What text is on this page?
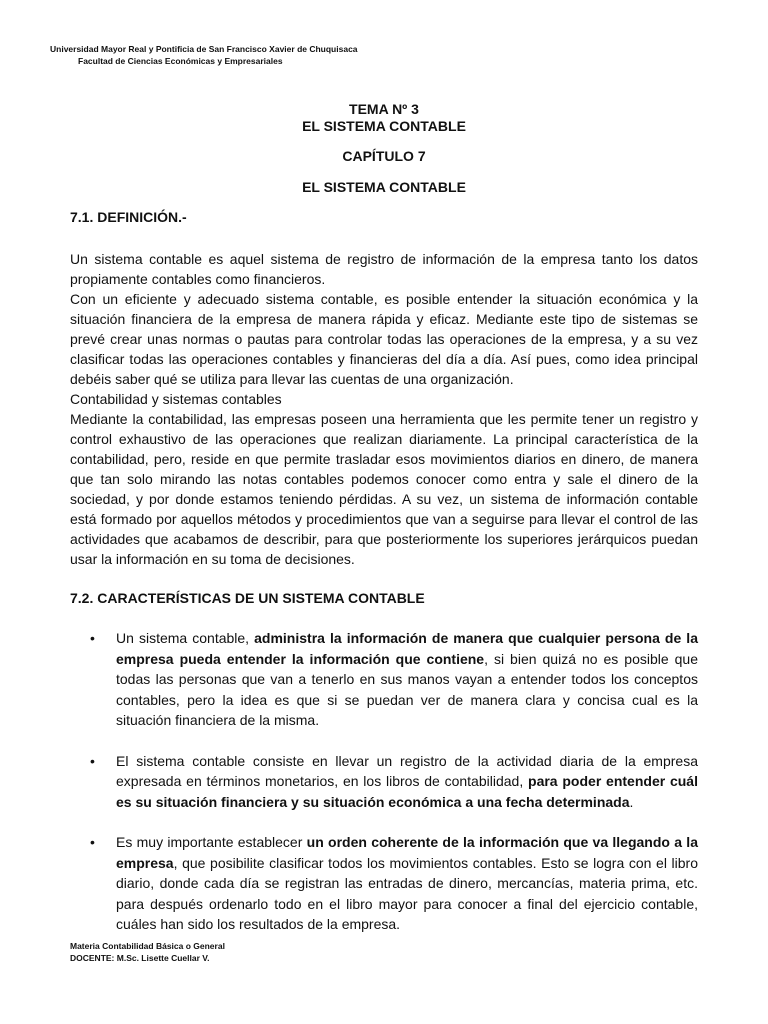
Universidad Mayor Real y Pontificia de San Francisco Xavier de Chuquisaca
Facultad de Ciencias Económicas y Empresariales
TEMA Nº 3
EL SISTEMA CONTABLE
CAPÍTULO 7
EL SISTEMA CONTABLE
7.1. DEFINICIÓN.-

Un sistema contable es aquel sistema de registro de información de la empresa tanto los datos propiamente contables como financieros.

Con un eficiente y adecuado sistema contable, es posible entender la situación económica y la situación financiera de la empresa de manera rápida y eficaz. Mediante este tipo de sistemas se prevé crear unas normas o pautas para controlar todas las operaciones de la empresa, y a su vez clasificar todas las operaciones contables y financieras del día a día. Así pues, como idea principal debéis saber qué se utiliza para llevar las cuentas de una organización.

Contabilidad y sistemas contables

Mediante la contabilidad, las empresas poseen una herramienta que les permite tener un registro y control exhaustivo de las operaciones que realizan diariamente. La principal característica de la contabilidad, pero, reside en que permite trasladar esos movimientos diarios en dinero, de manera que tan solo mirando las notas contables podemos conocer como entra y sale el dinero de la sociedad, y por donde estamos teniendo pérdidas. A su vez, un sistema de información contable está formado por aquellos métodos y procedimientos que van a seguirse para llevar el control de las actividades que acabamos de describir, para que posteriormente los superiores jerárquicos puedan usar la información en su toma de decisiones.

7.2. CARACTERÍSTICAS DE UN SISTEMA CONTABLE
• Un sistema contable, administra la información de manera que cualquier persona de la empresa pueda entender la información que contiene, si bien quizá no es posible que todas las personas que van a tenerlo en sus manos vayan a entender todos los conceptos contables, pero la idea es que si se puedan ver de manera clara y concisa cual es la situación financiera de la misma.
• El sistema contable consiste en llevar un registro de la actividad diaria de la empresa expresada en términos monetarios, en los libros de contabilidad, para poder entender cuál es su situación financiera y su situación económica a una fecha determinada.
• Es muy importante establecer un orden coherente de la información que va llegando a la empresa, que posibilite clasificar todos los movimientos contables. Esto se logra con el libro diario, donde cada día se registran las entradas de dinero, mercancías, materia prima, etc. para después ordenarlo todo en el libro mayor para conocer a final del ejercicio contable, cuáles han sido los resultados de la empresa.
Materia Contabilidad Básica o General
DOCENTE: M.Sc. Lisette Cuellar V.
